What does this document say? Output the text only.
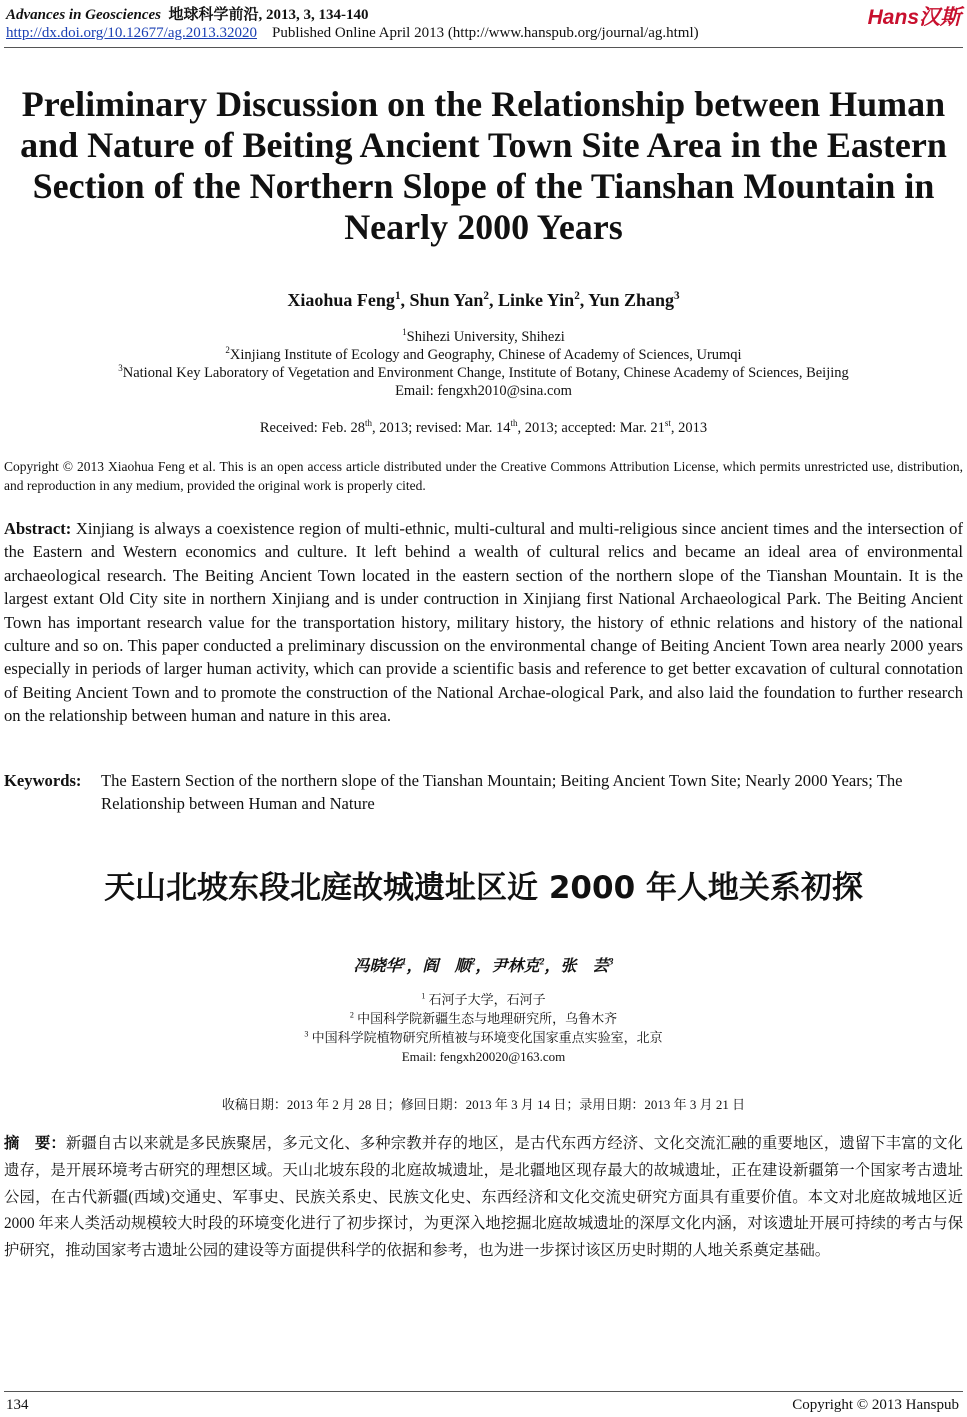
Advances in Geosciences 地球科学前沿, 2013, 3, 134-140
http://dx.doi.org/10.12677/ag.2013.32020 Published Online April 2013 (http://www.hanspub.org/journal/ag.html)
Hans汉斯
Preliminary Discussion on the Relationship between Human and Nature of Beiting Ancient Town Site Area in the Eastern Section of the Northern Slope of the Tianshan Mountain in Nearly 2000 Years
Xiaohua Feng$^1$, Shun Yan$^2$, Linke Yin$^2$, Yun Zhang$^3$
$^1$Shihezi University, Shihezi
$^2$Xinjiang Institute of Ecology and Geography, Chinese of Academy of Sciences, Urumqi
$^3$National Key Laboratory of Vegetation and Environment Change, Institute of Botany, Chinese Academy of Sciences, Beijing
Email: fengxh2010@sina.com
Received: Feb. 28th, 2013; revised: Mar. 14th, 2013; accepted: Mar. 21st, 2013
Copyright © 2013 Xiaohua Feng et al. This is an open access article distributed under the Creative Commons Attribution License, which permits unrestricted use, distribution, and reproduction in any medium, provided the original work is properly cited.
Abstract: Xinjiang is always a coexistence region of multi-ethnic, multi-cultural and multi-religious since ancient times and the intersection of the Eastern and Western economics and culture. It left behind a wealth of cultural relics and became an ideal area of environmental archaeological research. The Beiting Ancient Town located in the eastern section of the northern slope of the Tianshan Mountain. It is the largest extant Old City site in northern Xinjiang and is under contruction in Xinjiang first National Archaeological Park. The Beiting Ancient Town has important research value for the transportation history, military history, the history of ethnic relations and history of the national culture and so on. This paper conducted a preliminary discussion on the environmental change of Beiting Ancient Town area nearly 2000 years especially in periods of larger human activity, which can provide a scientific basis and reference to get better excavation of cultural connotation of Beiting Ancient Town and to promote the construction of the National Archae-ological Park, and also laid the foundation to further research on the relationship between human and nature in this area.
Keywords: The Eastern Section of the northern slope of the Tianshan Mountain; Beiting Ancient Town Site; Nearly 2000 Years; The Relationship between Human and Nature
天山北坡东段北庭故城遗址区近 2000 年人地关系初探
冯晓华$^1$，阎　顺$^2$，尹林克$^2$，张　芸$^3$
$^1$ 石河子大学，石河子
$^2$ 中国科学院新疆生态与地理研究所，乌鲁木齐
$^3$ 中国科学院植物研究所植被与环境变化国家重点实验室，北京
Email: fengxh20020@163.com
收稿日期：2013 年 2 月 28 日；修回日期：2013 年 3 月 14 日；录用日期：2013 年 3 月 21 日
摘　要：新疆自古以来就是多民族聚居，多元文化、多种宗教并存的地区，是古代东西方经济、文化交流汇融的重要地区，遗留下丰富的文化遗存，是开展环境考古研究的理想区域。天山北坡东段的北庭故城遗址，是北疆地区现存最大的故城遗址，正在建设新疆第一个国家考古遗址公园，在古代新疆(西域)交通史、军事史、民族关系史、民族文化史、东西经济和文化交流史研究方面具有重要价值。本文对北庭故城地区近 2000 年来人类活动规模较大时段的环境变化进行了初步探讨，为更深入地挖掘北庭故城遗址的深厚文化内涵，对该遗址开展可持续的考古与保护研究，推动国家考古遗址公园的建设等方面提供科学的依据和参考，也为进一步探讨该区历史时期的人地关系奠定基础。
134	Copyright © 2013 Hanspub
